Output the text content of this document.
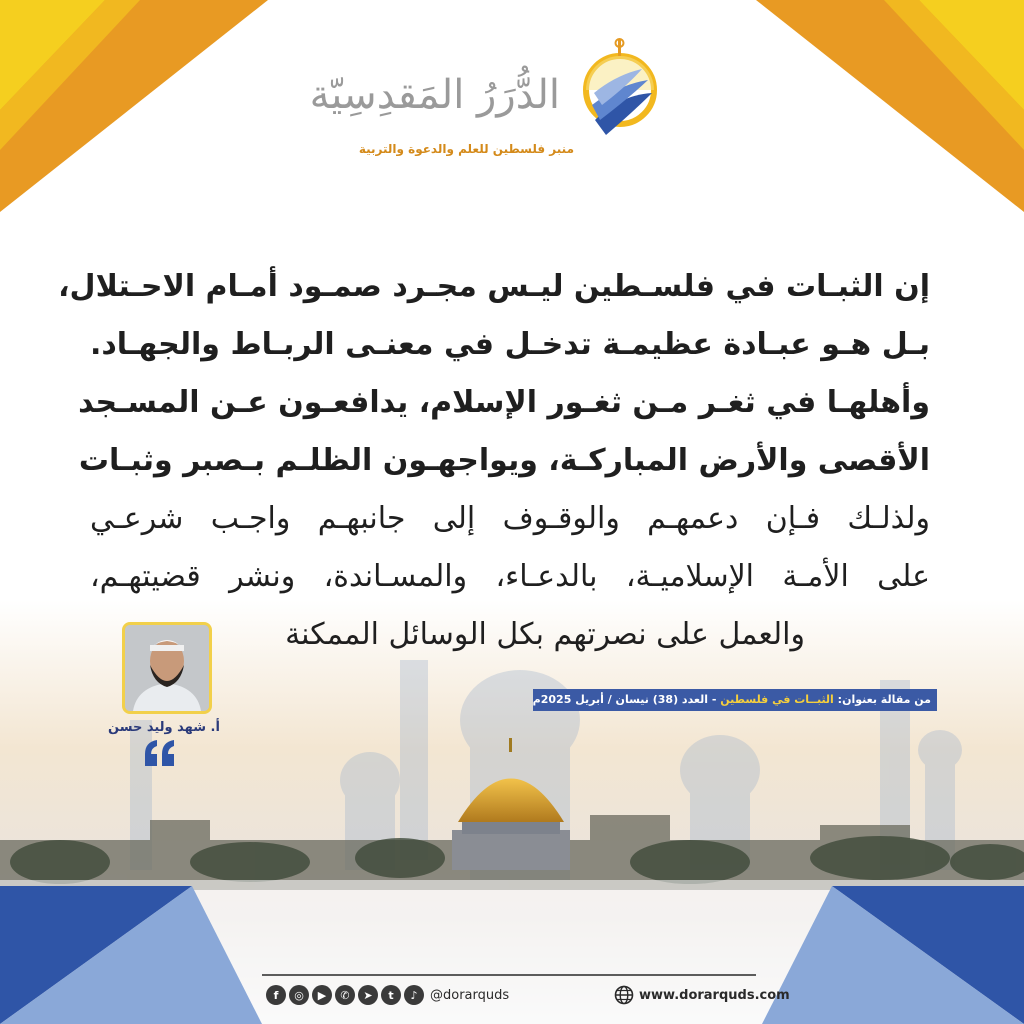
الدُّرَرُ المَقدِسِيّة
منبر فلسطين للعلم والدعوة والتربية
إن الثبـات في فلسـطين ليـس مجـرد صمـود أمـام الاحـتلال،
بـل هـو عبـادة عظيمـة تدخـل في معنـى الربـاط والجهـاد.
وأهلهـا في ثغـر مـن ثغـور الإسلام، يدافعـون عـن المسـجد
الأقصى والأرض المباركـة، ويواجهـون الظلـم بـصبر وثبـات
ولذلـك فـإن دعمهـم والوقـوف إلى جانبهـم واجـب شرعـي
على الأمـة الإسلاميـة، بالدعـاء، والمسـاندة، ونشر قضيتهـم،
والعمل على نصرتهم بكل الوسائل الممكنة
أ. شهد وليد حسن
من مقالة بعنوان: الثبــات في فلسطين - العدد (38) نيسان / أبريل 2025م
f	◎	▶	✆	➤	t	♪ @dorarquds	www.dorarquds.com
